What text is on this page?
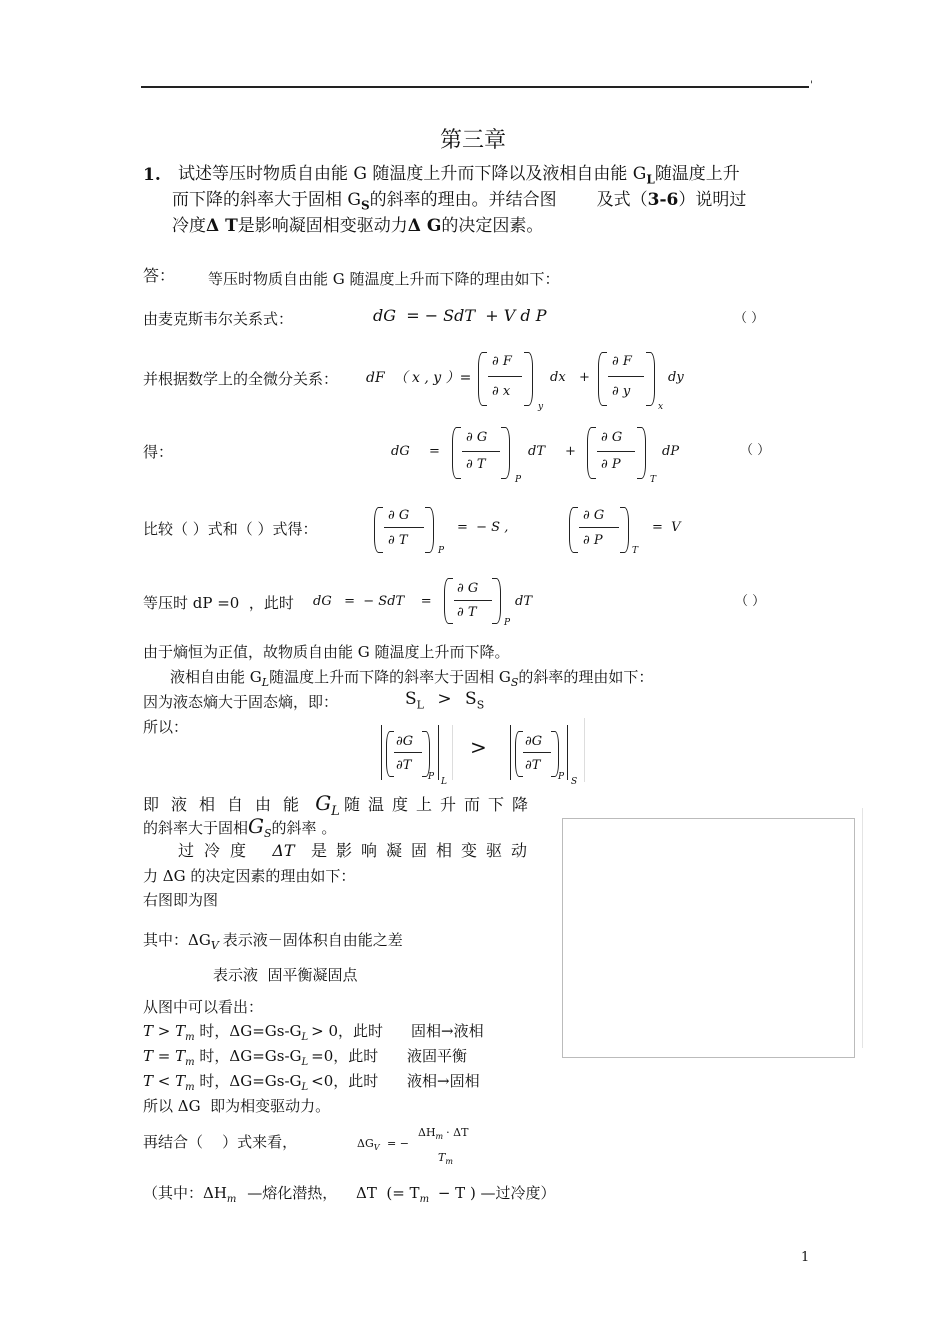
'
第三章
1. 试述等压时物质自由能 G 随温度上升而下降以及液相自由能 $G_L$随温度上升
而下降的斜率大于固相 $G_S$的斜率的理由。并结合图 及式（3-6）说明过
冷度Δ T是影响凝固相变驱动力Δ G的决定因素。
答： 等压时物质自由能 G 随温度上升而下降的理由如下：
由麦克斯韦尔关系式：	dG  = − SdT  + V d P	（ ）
并根据数学上的全微分关系： dF  （ x , y ）=
∂ F
∂ x
y
dx +
∂ F
∂ y
x
dy
得：	dG =
∂ G
∂ T
P
dT +
∂ G
∂ P
T
dP	（ ）
比较（ ）式和（ ）式得：
∂ G
∂ T
P
=  − S ,
∂ G
∂ P
T
=  V
等压时 dP =0  ，此时 dG   =  − SdT    =
∂ G
∂ T
P
dT	（ ）
由于熵恒为正值，故物质自由能 G 随温度上升而下降。
液相自由能 $G_L$随温度上升而下降的斜率大于固相 $G_S$的斜率的理由如下：
因为液态熵大于固态熵，即：	$S_L > S_S$
所以：
∂G
∂T
P L
>	∂G
∂T
P S
即液相自由能 $G_L$ 随温度上升而下降
的斜率大于固相$G_S$的斜率 。
过冷度 ΔT 是影响凝固相变驱动
力 ΔG 的决定因素的理由如下：
右图即为图
其中：$\Delta G_V$ 表示液－固体积自由能之差
表示液  固平衡凝固点
从图中可以看出：
$T > T_m$ 时，$\Delta G=Gs-G_L > 0$，此时 固相→液相
$T = T_m$ 时，$\Delta G=Gs-G_L =0$，此时 液固平衡
$T < T_m$ 时，$\Delta G=Gs-G_L <0$，此时 液相→固相
所以 ΔG  即为相变驱动力。
再结合（    ）式来看，	$\Delta G_V$ = −
$\Delta H_m \cdot \Delta T$
$T_m$
（其中：$\Delta H_m$ —熔化潜热， ΔT  (= $T_m - T$ ) —过冷度）
1
